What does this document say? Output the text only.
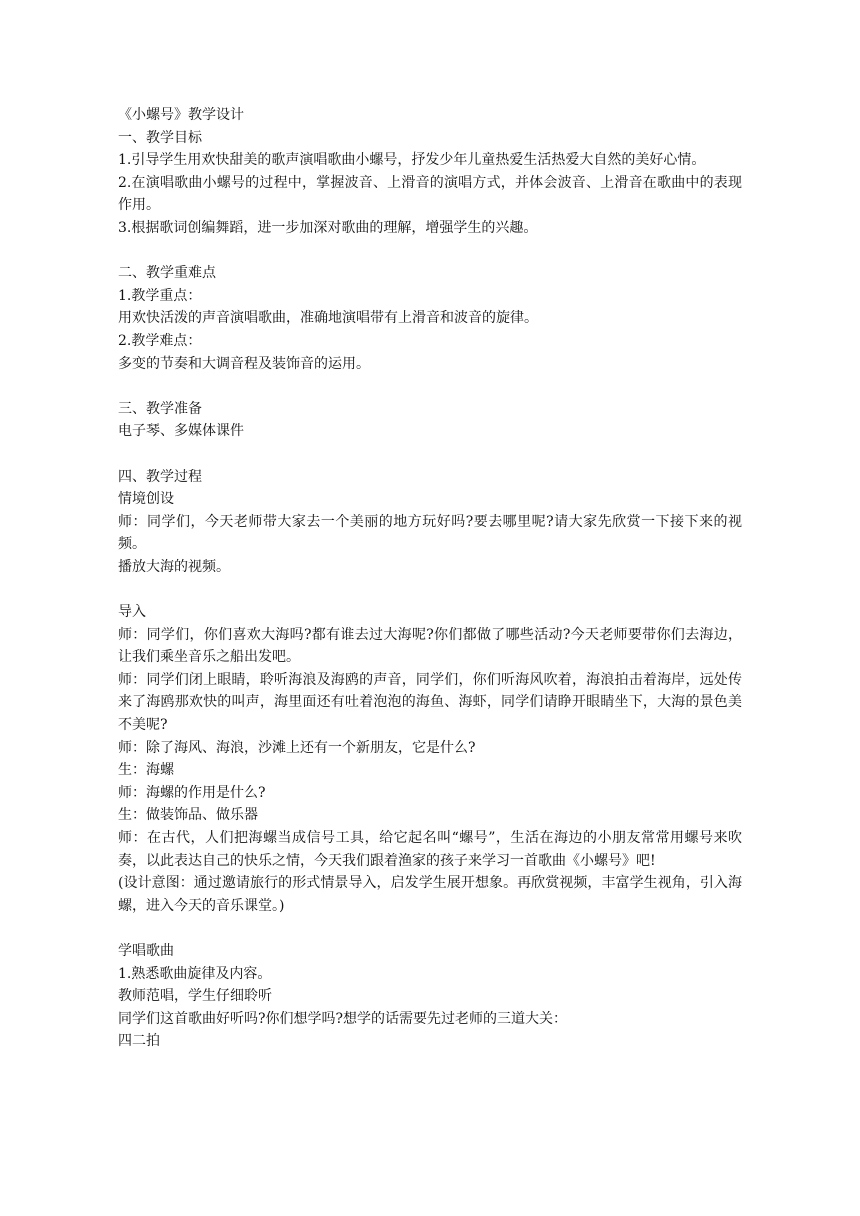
《小螺号》教学设计
一、教学目标
1.引导学生用欢快甜美的歌声演唱歌曲小螺号，抒发少年儿童热爱生活热爱大自然的美好心情。
2.在演唱歌曲小螺号的过程中，掌握波音、上滑音的演唱方式，并体会波音、上滑音在歌曲中的表现作用。
3.根据歌词创编舞蹈，进一步加深对歌曲的理解，增强学生的兴趣。
二、教学重难点
1.教学重点：
用欢快活泼的声音演唱歌曲，准确地演唱带有上滑音和波音的旋律。
2.教学难点：
多变的节奏和大调音程及装饰音的运用。
三、教学准备
电子琴、多媒体课件
四、教学过程
情境创设
师：同学们，今天老师带大家去一个美丽的地方玩好吗?要去哪里呢?请大家先欣赏一下接下来的视频。
播放大海的视频。
导入
师：同学们，你们喜欢大海吗?都有谁去过大海呢?你们都做了哪些活动?今天老师要带你们去海边，让我们乘坐音乐之船出发吧。
师：同学们闭上眼睛，聆听海浪及海鸥的声音，同学们，你们听海风吹着，海浪拍击着海岸，远处传来了海鸥那欢快的叫声，海里面还有吐着泡泡的海鱼、海虾，同学们请睁开眼睛坐下，大海的景色美不美呢?
师：除了海风、海浪，沙滩上还有一个新朋友，它是什么?
生：海螺
师：海螺的作用是什么?
生：做装饰品、做乐器
师：在古代，人们把海螺当成信号工具，给它起名叫“螺号”，生活在海边的小朋友常常用螺号来吹奏，以此表达自己的快乐之情，今天我们跟着渔家的孩子来学习一首歌曲《小螺号》吧!
(设计意图：通过邀请旅行的形式情景导入，启发学生展开想象。再欣赏视频，丰富学生视角，引入海螺，进入今天的音乐课堂。)
学唱歌曲
1.熟悉歌曲旋律及内容。
教师范唱，学生仔细聆听
同学们这首歌曲好听吗?你们想学吗?想学的话需要先过老师的三道大关：
四二拍
